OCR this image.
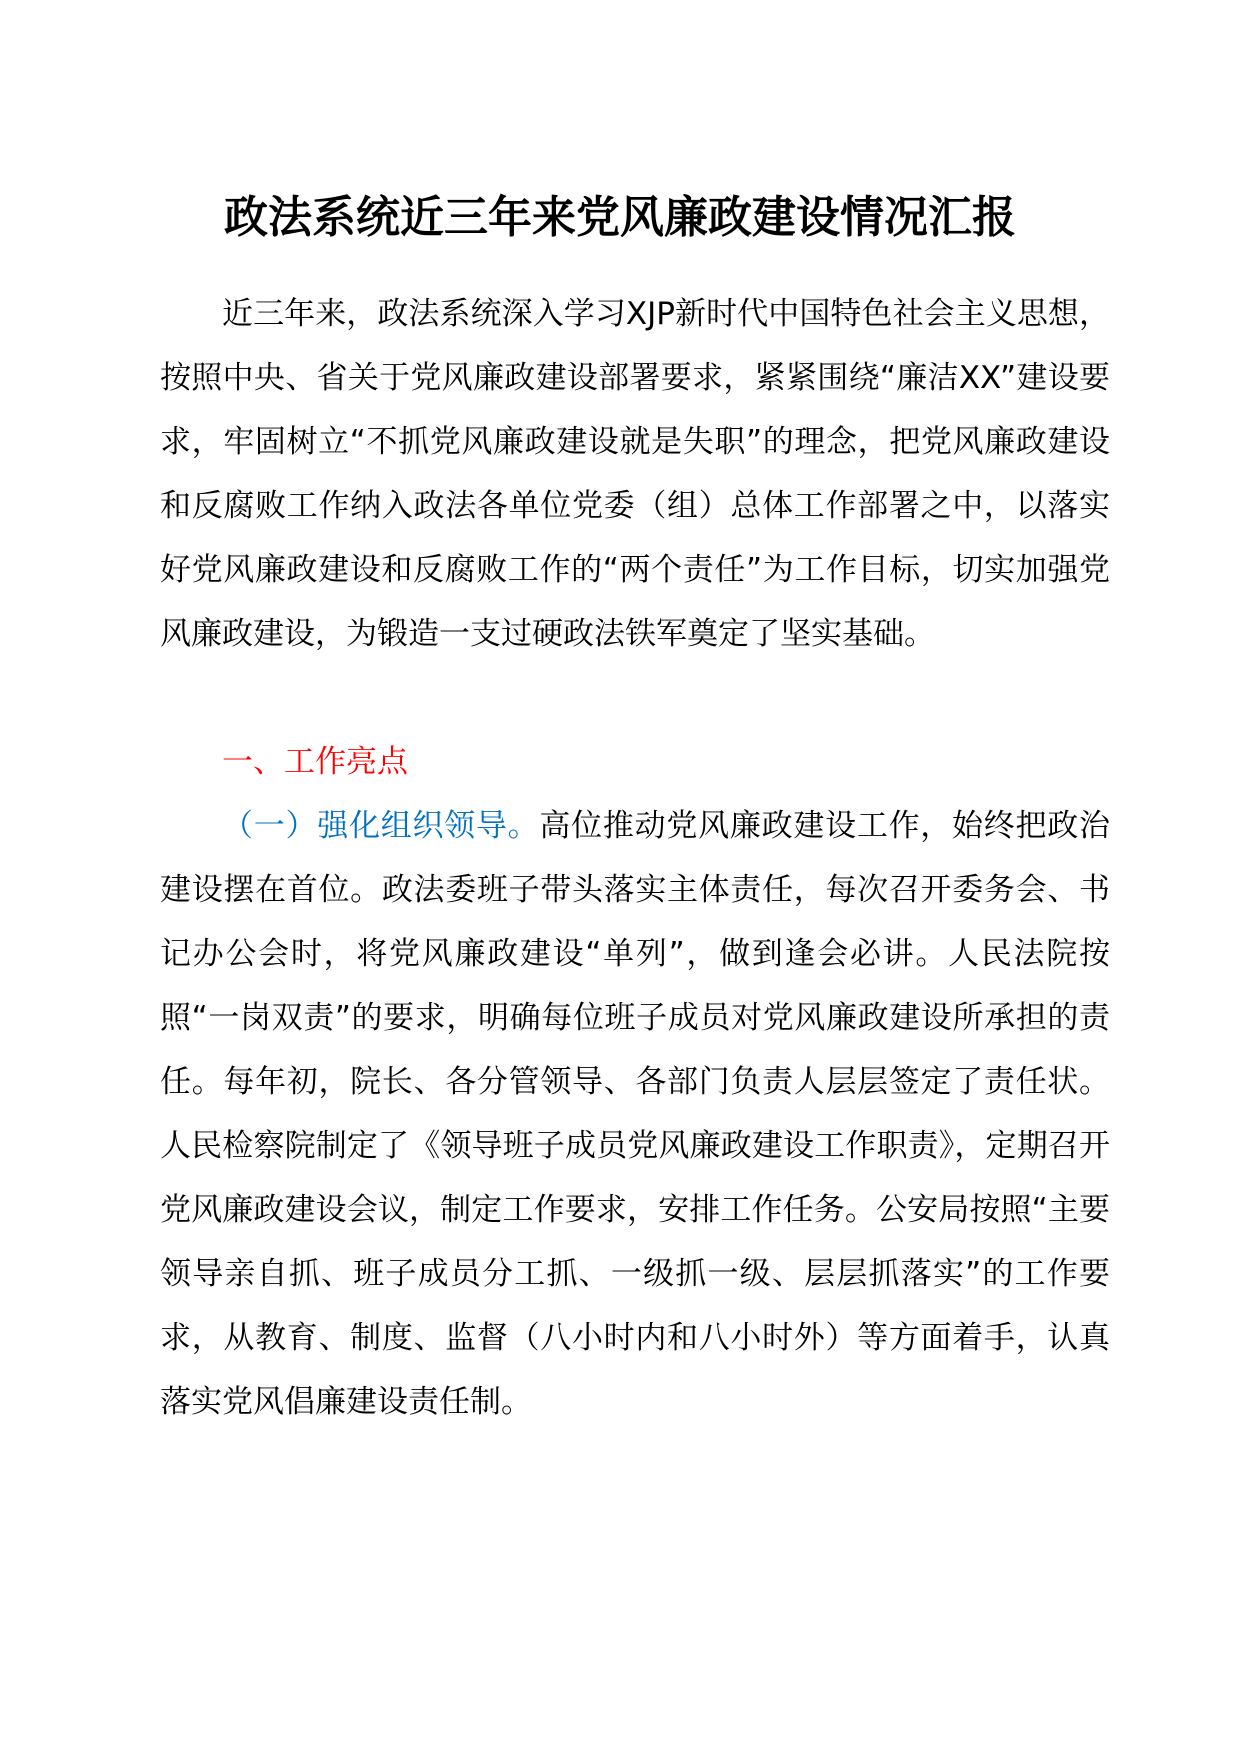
政法系统近三年来党风廉政建设情况汇报

近三年来，政法系统深入学习XJP新时代中国特色社会主义思想，按照中央、省关于党风廉政建设部署要求，紧紧围绕“廉洁XX”建设要求，牢固树立“不抓党风廉政建设就是失职”的理念，把党风廉政建设和反腐败工作纳入政法各单位党委（组）总体工作部署之中，以落实好党风廉政建设和反腐败工作的“两个责任”为工作目标，切实加强党风廉政建设，为锻造一支过硬政法铁军奠定了坚实基础。

一、工作亮点

（一）强化组织领导。高位推动党风廉政建设工作，始终把政治建设摆在首位。政法委班子带头落实主体责任，每次召开委务会、书记办公会时，将党风廉政建设“单列”，做到逢会必讲。人民法院按照“一岗双责”的要求，明确每位班子成员对党风廉政建设所承担的责任。每年初，院长、各分管领导、各部门负责人层层签定了责任状。人民检察院制定了《领导班子成员党风廉政建设工作职责》，定期召开党风廉政建设会议，制定工作要求，安排工作任务。公安局按照“主要领导亲自抓、班子成员分工抓、一级抓一级、层层抓落实”的工作要求，从教育、制度、监督（八小时内和八小时外）等方面着手，认真落实党风倡廉建设责任制。
